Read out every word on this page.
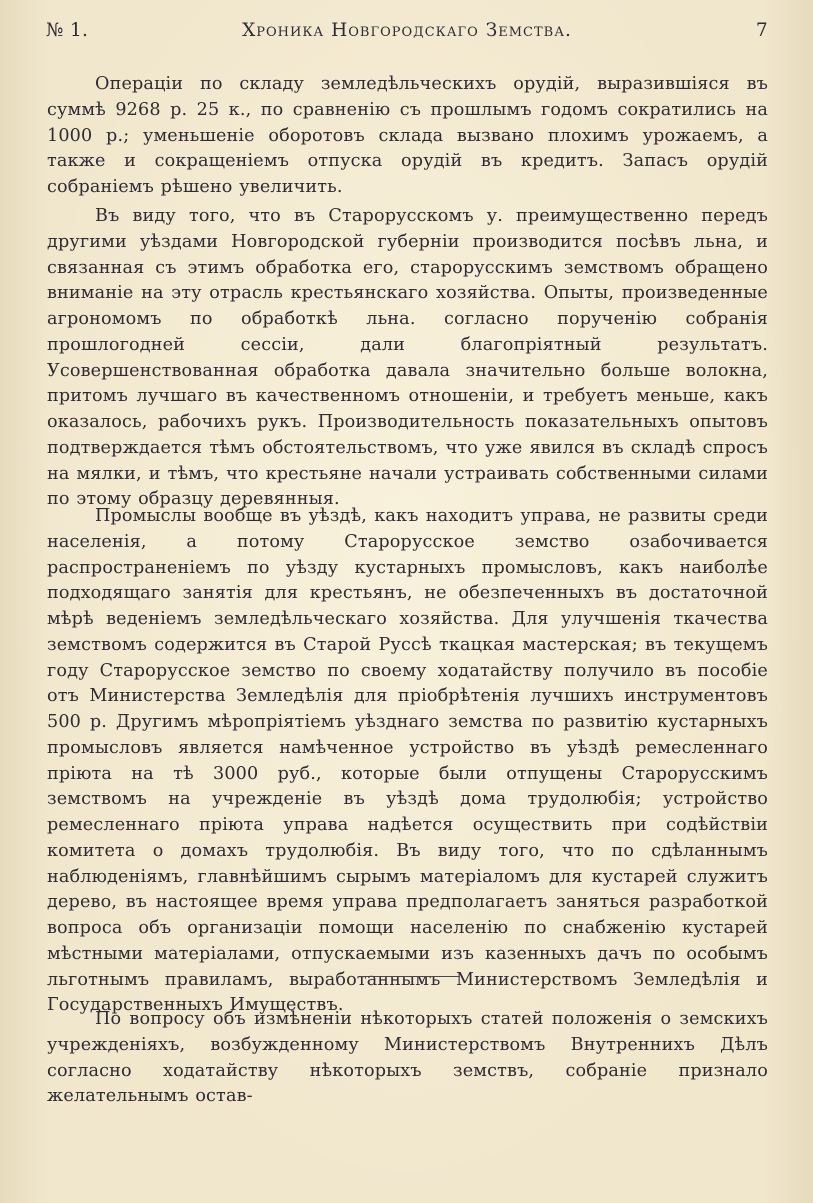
№ 1.	Хроника Новгородскаго Земства.	7

Операцiи по складу земледѣльческихъ орудiй, выразившiяся въ суммѣ 9268 р. 25 к., по сравненiю съ прошлымъ годомъ сократились на 1000 р.; уменьшенiе оборотовъ склада вызвано плохимъ урожаемъ, а также и сокращенiемъ отпуска орудiй въ кредитъ. Запасъ орудiй собранiемъ рѣшено увеличить.

Въ виду того, что въ Старорусскомъ у. преимущественно передъ другими уѣздами Новгородской губернiи производится посѣвъ льна, и связанная съ этимъ обработка его, старорусскимъ земствомъ обращено вниманiе на эту отрасль крестьянскаго хозяйства. Опыты, произведенные агрономомъ по обработкѣ льна. согласно порученiю собранiя прошлогодней сессiи, дали благопрiятный результатъ. Усовершенствованная обработка давала значительно больше волокна, притомъ лучшаго въ качественномъ отношенiи, и требуетъ меньше, какъ оказалось, рабочихъ рукъ. Производительность показательныхъ опытовъ подтверждается тѣмъ обстоятельствомъ, что уже явился въ складѣ спросъ на мялки, и тѣмъ, что крестьяне начали устраивать собственными силами по этому образцу деревянныя.

Промыслы вообще въ уѣздѣ, какъ находитъ управа, не развиты среди населенiя, а потому Старорусское земство озабочивается распространенiемъ по уѣзду кустарныхъ промысловъ, какъ наиболѣе подходящаго занятiя для крестьянъ, не обезпеченныхъ въ достаточной мѣрѣ веденiемъ земледѣльческаго хозяйства. Для улучшенiя ткачества земствомъ содержится въ Старой Руссѣ ткацкая мастерская; въ текущемъ году Старорусское земство по своему ходатайству получило въ пособiе отъ Министерства Земледѣлiя для прiобрѣтенiя лучшихъ инструментовъ 500 р. Другимъ мѣропрiятiемъ уѣзднаго земства по развитiю кустарныхъ промысловъ является намѣченное устройство въ уѣздѣ ремесленнаго прiюта на тѣ 3000 руб., которые были отпущены Старорусскимъ земствомъ на учрежденiе въ уѣздѣ дома трудолюбiя; устройство ремесленнаго прiюта управа надѣется осуществить при содѣйствiи комитета о домахъ трудолюбiя. Въ виду того, что по сдѣланнымъ наблюденiямъ, главнѣйшимъ сырымъ матерiаломъ для кустарей служитъ дерево, въ настоящее время управа предполагаетъ заняться разработкой вопроса объ организацiи помощи населенiю по снабженiю кустарей мѣстными матерiалами, отпускаемыми изъ казенныхъ дачъ по особымъ льготнымъ правиламъ, выработаннымъ Министерствомъ Земледѣлiя и Государственныхъ Имуществъ.

По вопросу объ измѣненiи нѣкоторыхъ статей положенiя о земскихъ учрежденiяхъ, возбужденному Министерствомъ Внутреннихъ Дѣлъ согласно ходатайству нѣкоторыхъ земствъ, собранiе признало желательнымъ остав-
